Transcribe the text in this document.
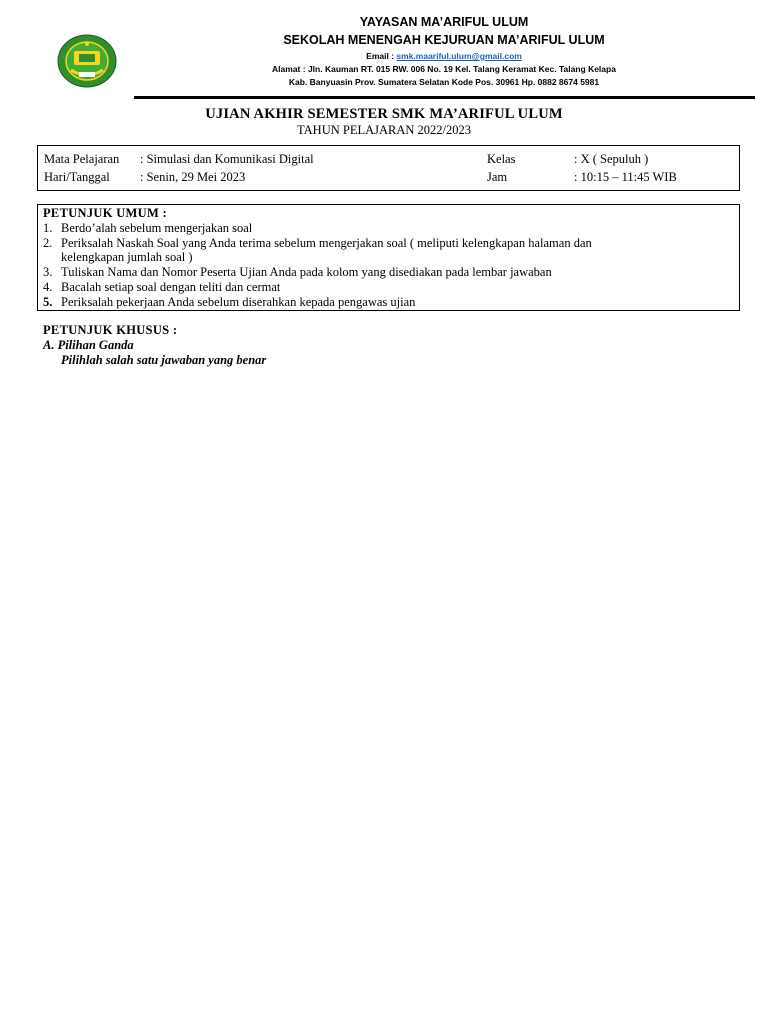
YAYASAN MA’ARIFUL ULUM
SEKOLAH MENENGAH KEJURUAN MA’ARIFUL ULUM
Email : smk.maariful.ulum@gmail.com
Alamat : Jln. Kauman RT. 015 RW. 006 No. 19 Kel. Talang Keramat Kec. Talang Kelapa
Kab. Banyuasin Prov. Sumatera Selatan Kode Pos. 30961 Hp. 0882 8674 5981
UJIAN AKHIR SEMESTER SMK MA’ARIFUL ULUM
TAHUN PELAJARAN 2022/2023
Mata Pelajaran : Simulasi dan Komunikasi Digital	Kelas	: X ( Sepuluh )
Hari/Tanggal : Senin, 29 Mei 2023	Jam	: 10:15 – 11:45 WIB
PETUNJUK UMUM :
1. Berdo’alah sebelum mengerjakan soal
2. Periksalah Naskah Soal yang Anda terima sebelum mengerjakan soal ( meliputi kelengkapan halaman dan
kelengkapan jumlah soal )
3. Tuliskan Nama dan Nomor Peserta Ujian Anda pada kolom yang disediakan pada lembar jawaban
4. Bacalah setiap soal dengan teliti dan cermat
5. Periksalah pekerjaan Anda sebelum diserahkan kepada pengawas ujian
PETUNJUK KHUSUS :
A. Pilihan Ganda
Pilihlah salah satu jawaban yang benar
